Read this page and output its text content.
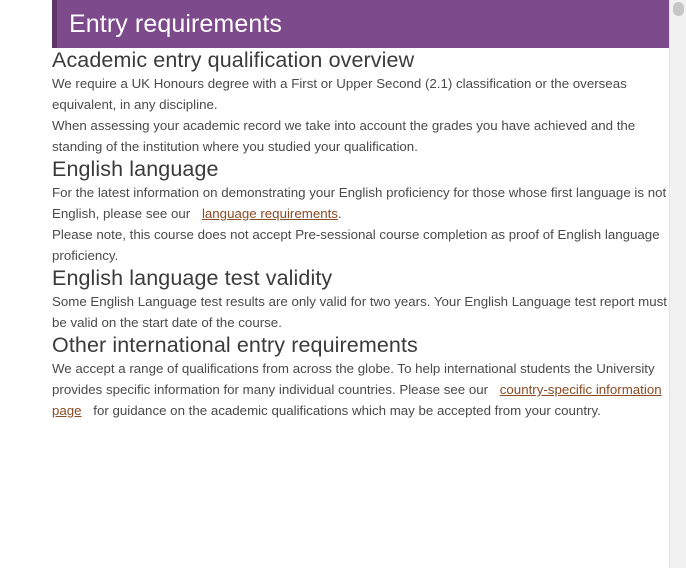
Entry requirements
Academic entry qualification overview

We require a UK Honours degree with a First or Upper Second (2.1) classification or the overseas equivalent, in any discipline.

When assessing your academic record we take into account the grades you have achieved and the standing of the institution where you studied your qualification.

English language

For the latest information on demonstrating your English proficiency for those whose first language is not English, please see our language requirements.

Please note, this course does not accept Pre-sessional course completion as proof of English language proficiency.

English language test validity

Some English Language test results are only valid for two years. Your English Language test report must be valid on the start date of the course.

Other international entry requirements

We accept a range of qualifications from across the globe. To help international students the University provides specific information for many individual countries. Please see our country-specific information page for guidance on the academic qualifications which may be accepted from your country.
